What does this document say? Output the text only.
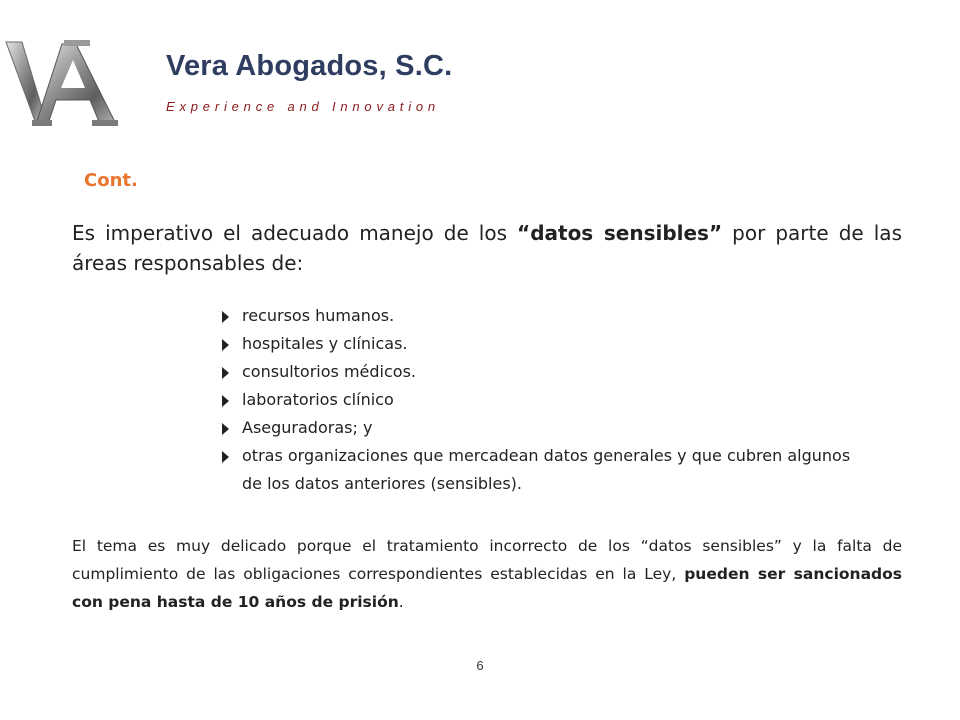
VA
Vera Abogados, S.C.
Experience and Innovation
Cont.
Es imperativo el adecuado manejo de los “datos sensibles” por parte de las áreas responsables de:
recursos humanos.
hospitales y clínicas.
consultorios médicos.
laboratorios clínico
Aseguradoras; y
otras organizaciones que mercadean datos generales y que cubren algunos de los datos anteriores (sensibles).
El tema es muy delicado porque el tratamiento incorrecto de los “datos sensibles” y la falta de cumplimiento de las obligaciones correspondientes establecidas en la Ley, pueden ser sancionados con pena hasta de 10 años de prisión.
6
